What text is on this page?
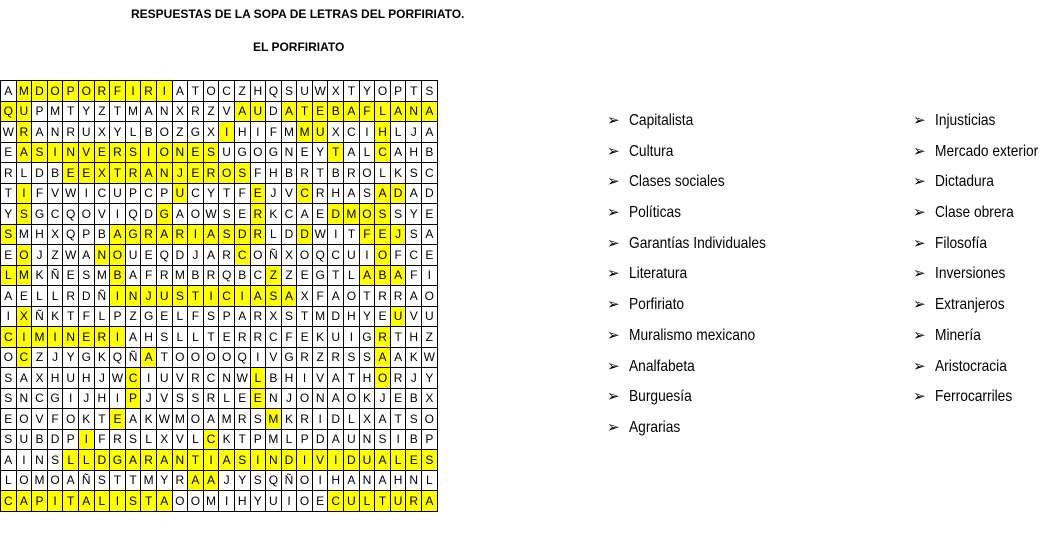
RESPUESTAS DE LA SOPA DE LETRAS DEL PORFIRIATO.
EL PORFIRIATO
A	M	D	O	P	O	R	F	I	R	I	A	T	O	C	Z	H	Q	S	U	W	X	T	Y	O	P	T	S
Q	U	P	M	T	Y	Z	T	M	A	N	X	R	Z	V	A	U	D	A	T	E	B	A	F	L	A	N	A
W	R	A	N	R	U	X	Y	L	B	O	Z	G	X	I	H	I	F	M	M	U	X	C	I	H	L	J	A
E	A	S	I	N	V	E	R	S	I	O	N	E	S	U	G	O	G	N	E	Y	T	A	L	C	A	H	B
R	L	D	B	E	E	X	T	R	A	N	J	E	R	O	S	F	H	B	R	T	B	R	O	L	K	S	C
T	I	F	V	W	I	C	U	P	C	P	U	C	Y	T	F	E	J	V	C	R	H	A	S	A	D	A	D
Y	S	G	C	Q	O	V	I	Q	D	G	A	O	W	S	E	R	K	C	A	E	D	M	O	S	S	Y	E
S	M	H	X	Q	P	B	A	G	R	A	R	I	A	S	D	R	L	D	D	W	I	T	F	E	J	S	A
E	O	J	Z	W	A	N	O	U	E	Q	D	J	A	R	C	O	Ñ	X	O	Q	C	U	I	O	F	C	E
L	M	K	Ñ	E	S	M	B	A	F	R	M	B	R	Q	B	C	Z	Z	E	G	T	L	A	B	A	F	I
A	E	L	L	R	D	Ñ	I	N	J	U	S	T	I	C	I	A	S	A	X	F	A	O	T	R	R	A	O
I	X	Ñ	K	T	F	L	P	Z	G	E	L	F	S	P	A	R	X	S	T	M	D	H	Y	E	U	V	U
C	I	M	I	N	E	R	I	A	H	S	L	L	T	E	R	R	C	F	E	K	U	I	G	R	T	H	Z
O	C	Z	J	Y	G	K	Q	Ñ	A	T	O	O	O	O	Q	I	V	G	R	Z	R	S	S	A	A	K	W
S	A	X	H	U	H	J	W	C	I	U	V	R	C	N	W	L	B	H	I	V	A	T	H	O	R	J	Y
S	N	C	G	I	J	H	I	P	J	V	S	S	R	L	E	E	N	J	O	N	A	O	K	J	E	B	X
E	O	V	F	O	K	T	E	A	K	W	M	O	A	M	R	S	M	K	R	I	D	L	X	A	T	S	O
S	U	B	D	P	I	F	R	S	L	X	V	L	C	K	T	P	M	L	P	D	A	U	N	S	I	B	P
A	I	N	S	L	L	D	G	A	R	A	N	T	I	A	S	I	N	D	I	V	I	D	U	A	L	E	S
L	O	M	O	A	Ñ	S	T	T	M	Y	R	A	A	J	Y	S	Q	Ñ	O	I	H	A	N	A	H	N	L
C	A	P	I	T	A	L	I	S	T	A	O	O	M	I	H	Y	U	I	O	E	C	U	L	T	U	R	A
➢ Capitalista
➢ Cultura
➢ Clases sociales
➢ Políticas
➢ Garantías Individuales
➢ Literatura
➢ Porfiriato
➢ Muralismo mexicano
➢ Analfabeta
➢ Burguesía
➢ Agrarias
➢ Injusticias
➢ Mercado exterior
➢ Dictadura
➢ Clase obrera
➢ Filosofía
➢ Inversiones
➢ Extranjeros
➢ Minería
➢ Aristocracia
➢ Ferrocarriles
